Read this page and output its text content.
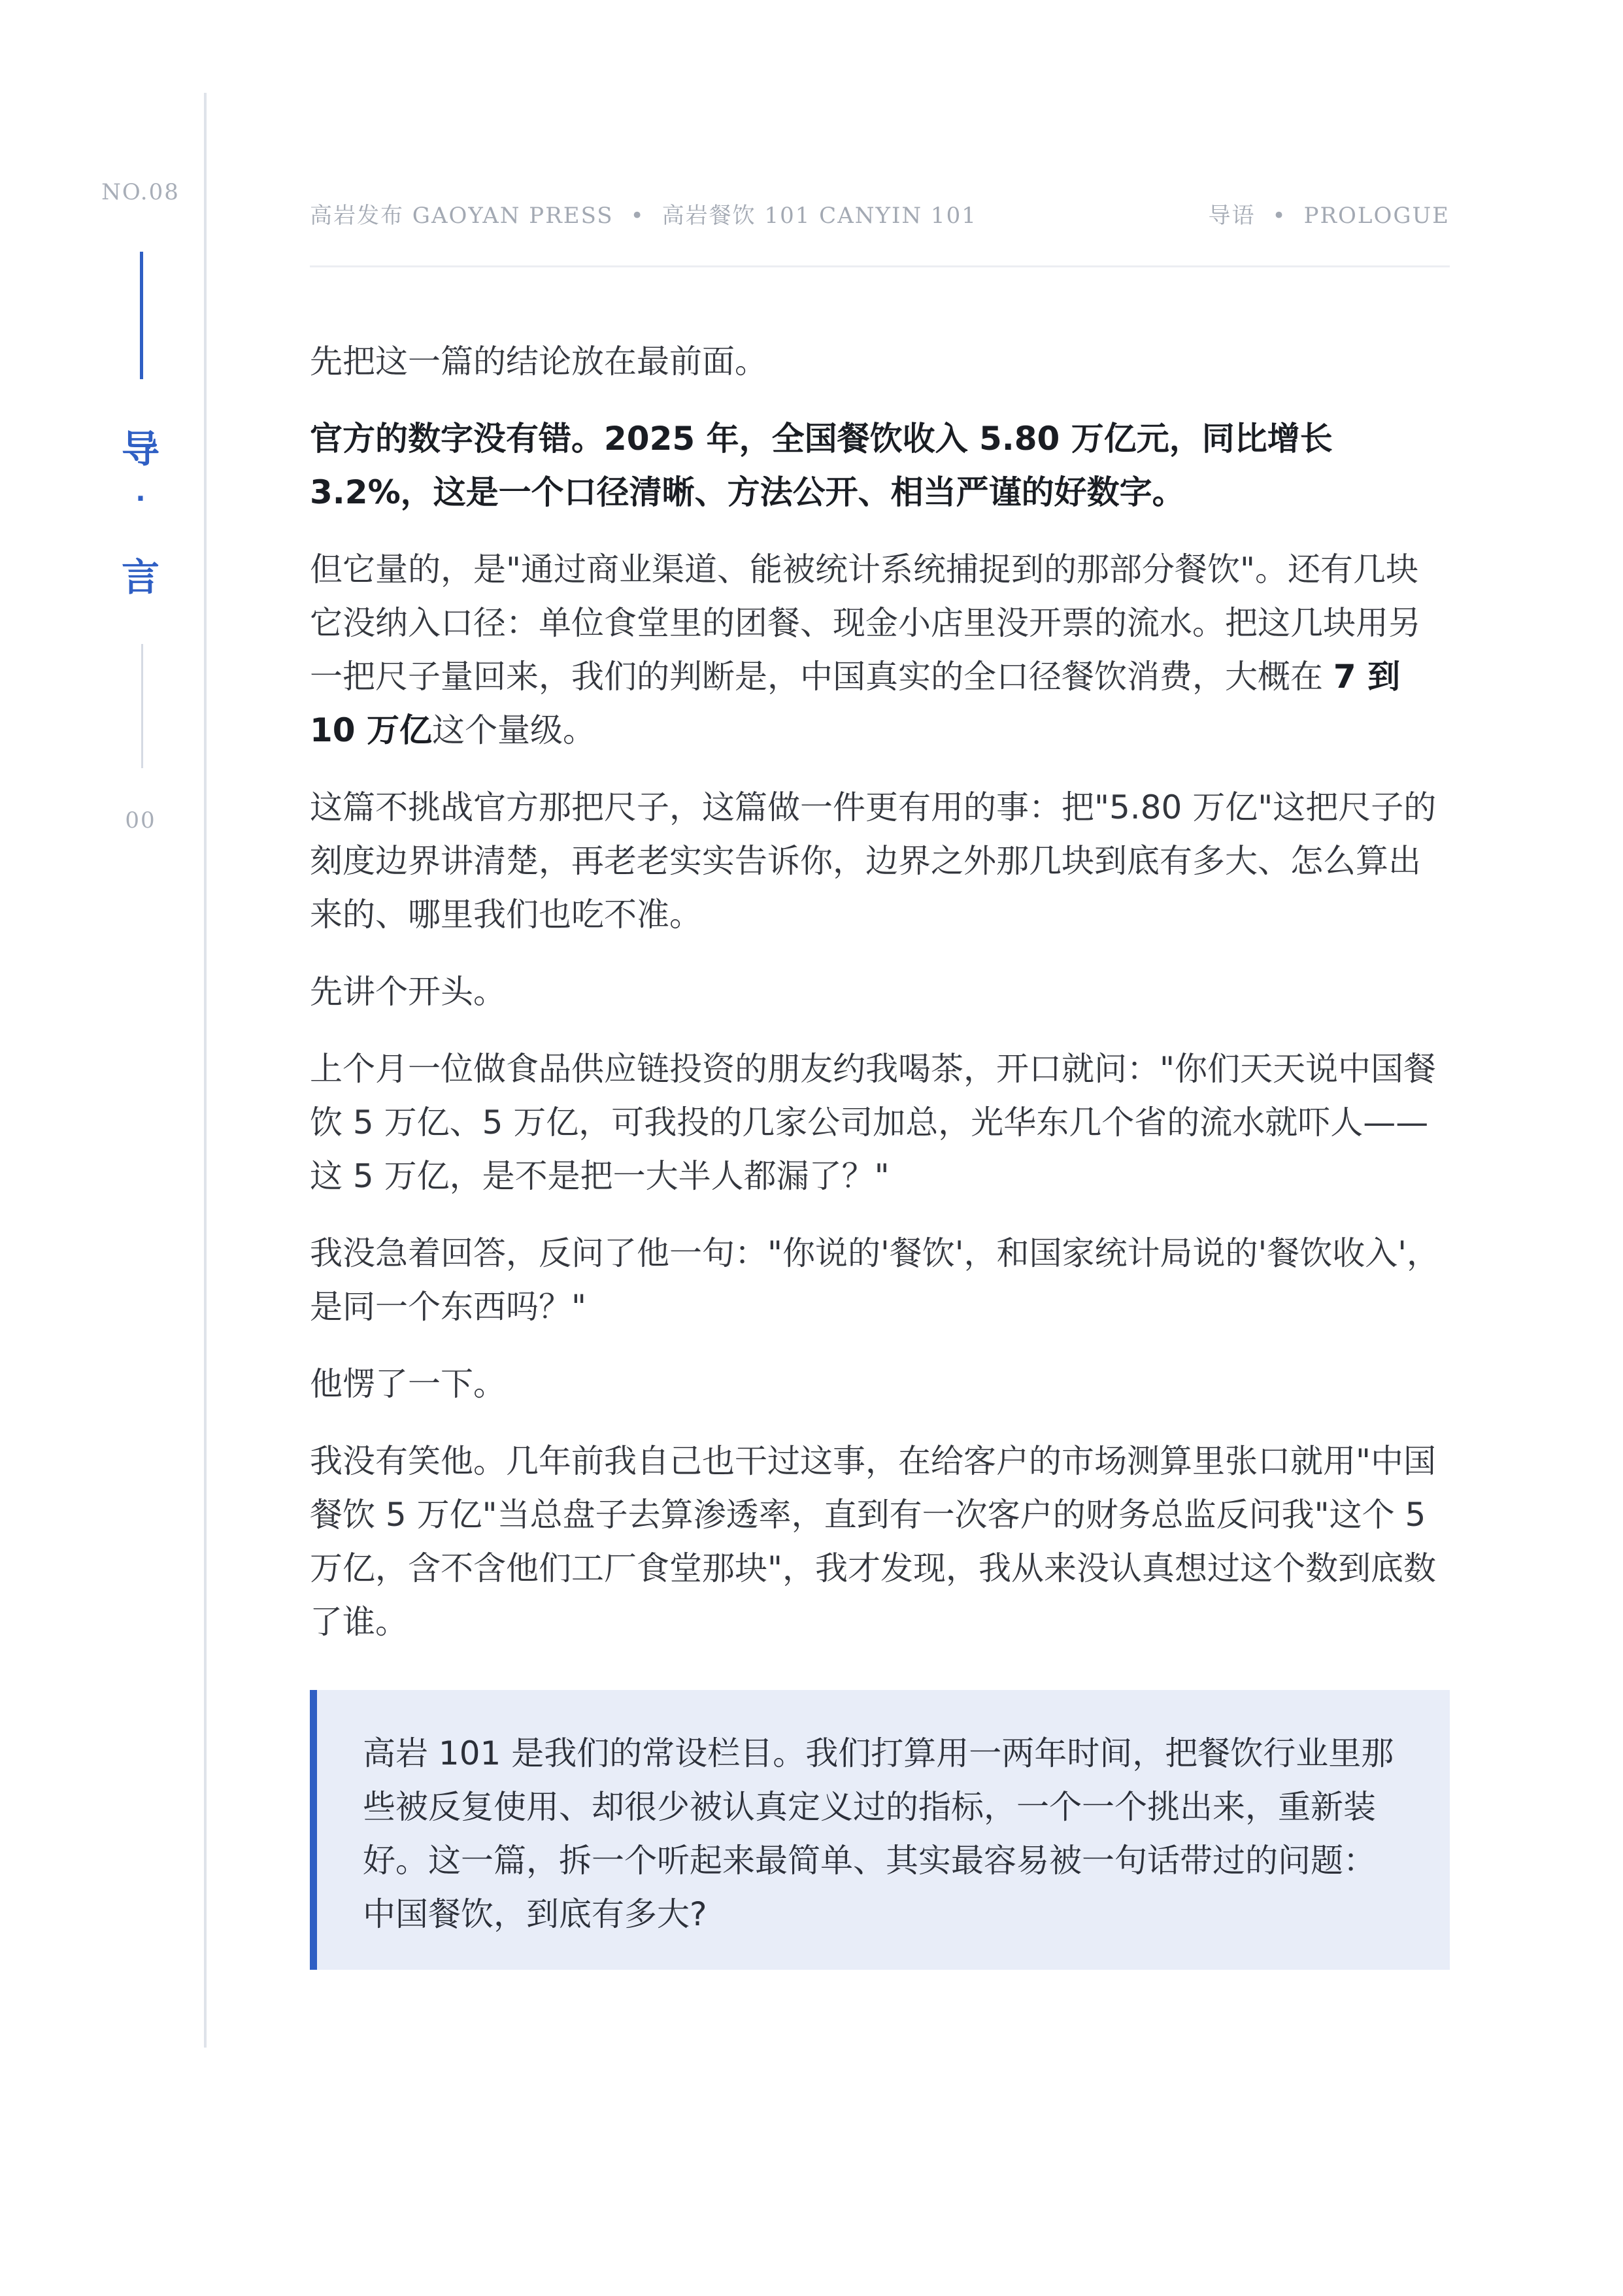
NO.08
导
·
言
00
高岩发布 GAOYAN PRESS • 高岩餐饮 101 CANYIN 101	导语 • PROLOGUE

先把这一篇的结论放在最前面。

官方的数字没有错。2025 年，全国餐饮收入 5.80 万亿元，同比增长 3.2%，这是一个口径清晰、方法公开、相当严谨的好数字。

但它量的，是"通过商业渠道、能被统计系统捕捉到的那部分餐饮"。还有几块它没纳入口径：单位食堂里的团餐、现金小店里没开票的流水。把这几块用另一把尺子量回来，我们的判断是，中国真实的全口径餐饮消费，大概在 7 到 10 万亿这个量级。

这篇不挑战官方那把尺子，这篇做一件更有用的事：把"5.80 万亿"这把尺子的刻度边界讲清楚，再老老实实告诉你，边界之外那几块到底有多大、怎么算出来的、哪里我们也吃不准。

先讲个开头。

上个月一位做食品供应链投资的朋友约我喝茶，开口就问："你们天天说中国餐饮 5 万亿、5 万亿，可我投的几家公司加总，光华东几个省的流水就吓人——这 5 万亿，是不是把一大半人都漏了？"

我没急着回答，反问了他一句："你说的'餐饮'，和国家统计局说的'餐饮收入'，是同一个东西吗？"

他愣了一下。

我没有笑他。几年前我自己也干过这事，在给客户的市场测算里张口就用"中国餐饮 5 万亿"当总盘子去算渗透率，直到有一次客户的财务总监反问我"这个 5 万亿，含不含他们工厂食堂那块"，我才发现，我从来没认真想过这个数到底数了谁。

高岩 101 是我们的常设栏目。我们打算用一两年时间，把餐饮行业里那些被反复使用、却很少被认真定义过的指标，一个一个挑出来，重新装好。这一篇，拆一个听起来最简单、其实最容易被一句话带过的问题：中国餐饮，到底有多大?
